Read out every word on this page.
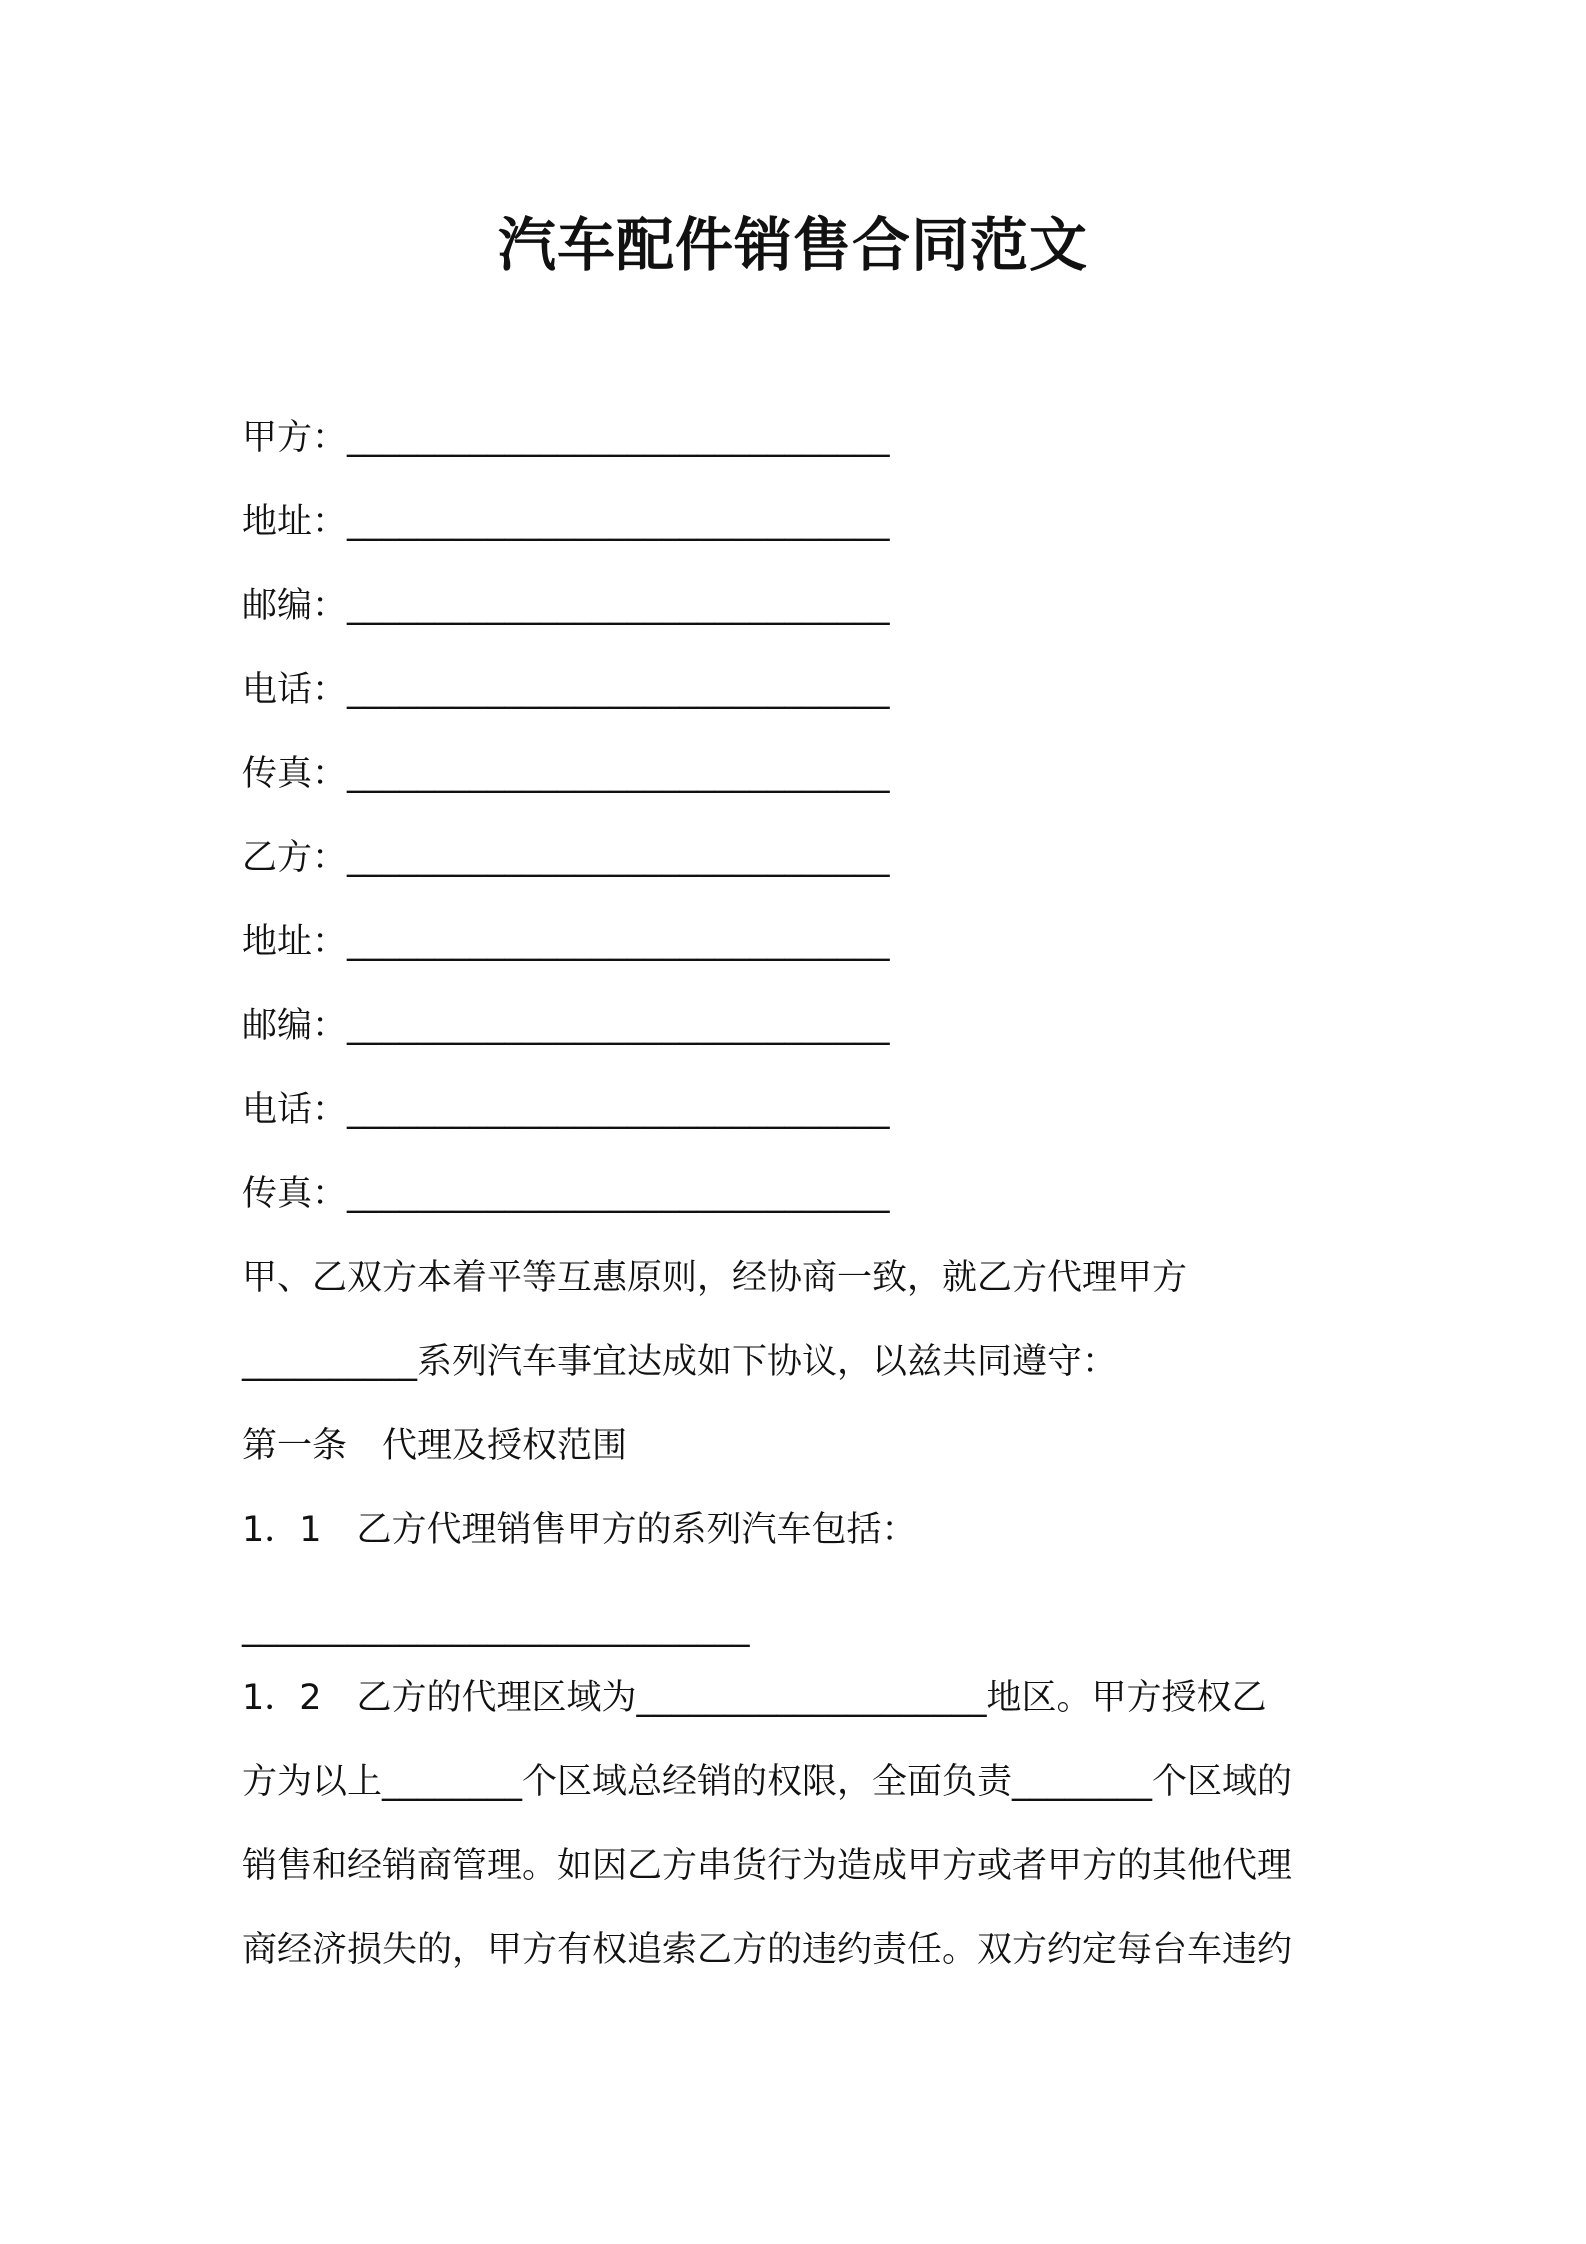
汽车配件销售合同范文
甲方：_______________________________
地址：_______________________________
邮编：_______________________________
电话：_______________________________
传真：_______________________________
乙方：_______________________________
地址：_______________________________
邮编：_______________________________
电话：_______________________________
传真：_______________________________
甲、乙双方本着平等互惠原则，经协商一致，就乙方代理甲方
__________系列汽车事宜达成如下协议，以兹共同遵守：
第一条　代理及授权范围
1．1　乙方代理销售甲方的系列汽车包括：
_____________________________
1．2　乙方的代理区域为____________________地区。甲方授权乙
方为以上________个区域总经销的权限，全面负责________个区域的
销售和经销商管理。如因乙方串货行为造成甲方或者甲方的其他代理
商经济损失的，甲方有权追索乙方的违约责任。双方约定每台车违约
